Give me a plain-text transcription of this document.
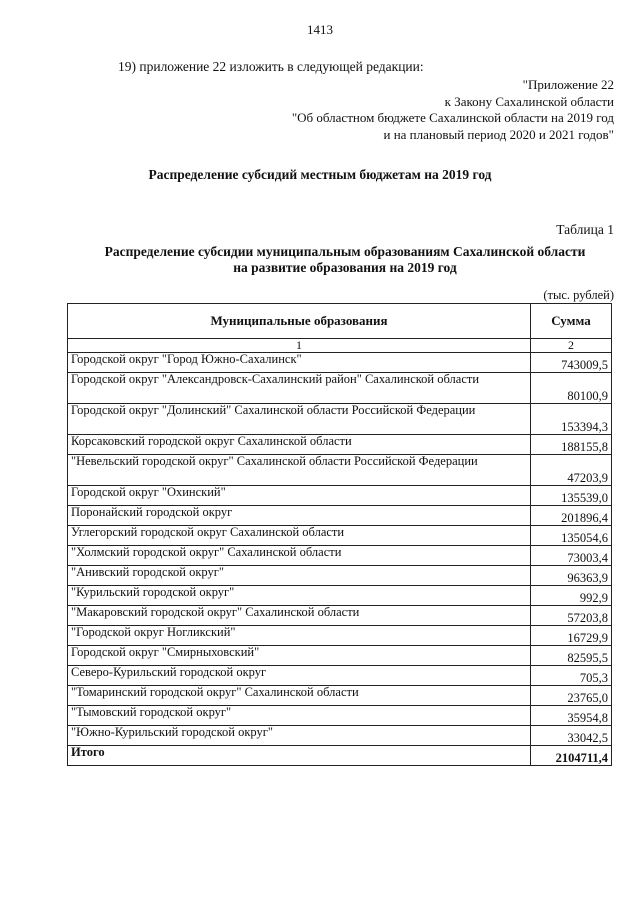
1413
19) приложение 22 изложить в следующей редакции:
"Приложение 22
к Закону Сахалинской области
"Об областном бюджете Сахалинской области на 2019 год
и на плановый период 2020 и 2021 годов"
Распределение субсидий местным бюджетам на 2019 год
Таблица 1
Распределение субсидии муниципальным образованиям Сахалинской области
на развитие образования на 2019 год
(тыс. рублей)
Муниципальные образования	Сумма
1	2
Городской округ "Город Южно-Сахалинск"	743009,5
Городской округ "Александровск-Сахалинский район" Сахалинской области	80100,9
Городской округ "Долинский" Сахалинской области Российской Федерации	153394,3
Корсаковский городской округ Сахалинской области	188155,8
"Невельский городской округ" Сахалинской области Российской Федерации	47203,9
Городской округ "Охинский"	135539,0
Поронайский городской округ	201896,4
Углегорский городской округ Сахалинской области	135054,6
"Холмский городской округ" Сахалинской области	73003,4
"Анивский городской округ"	96363,9
"Курильский городской округ"	992,9
"Макаровский городской округ" Сахалинской области	57203,8
"Городской округ Ногликский"	16729,9
Городской округ "Смирныховский"	82595,5
Северо-Курильский городской округ	705,3
"Томаринский городской округ" Сахалинской области	23765,0
"Тымовский городской округ"	35954,8
"Южно-Курильский городской округ"	33042,5
Итого	2104711,4
